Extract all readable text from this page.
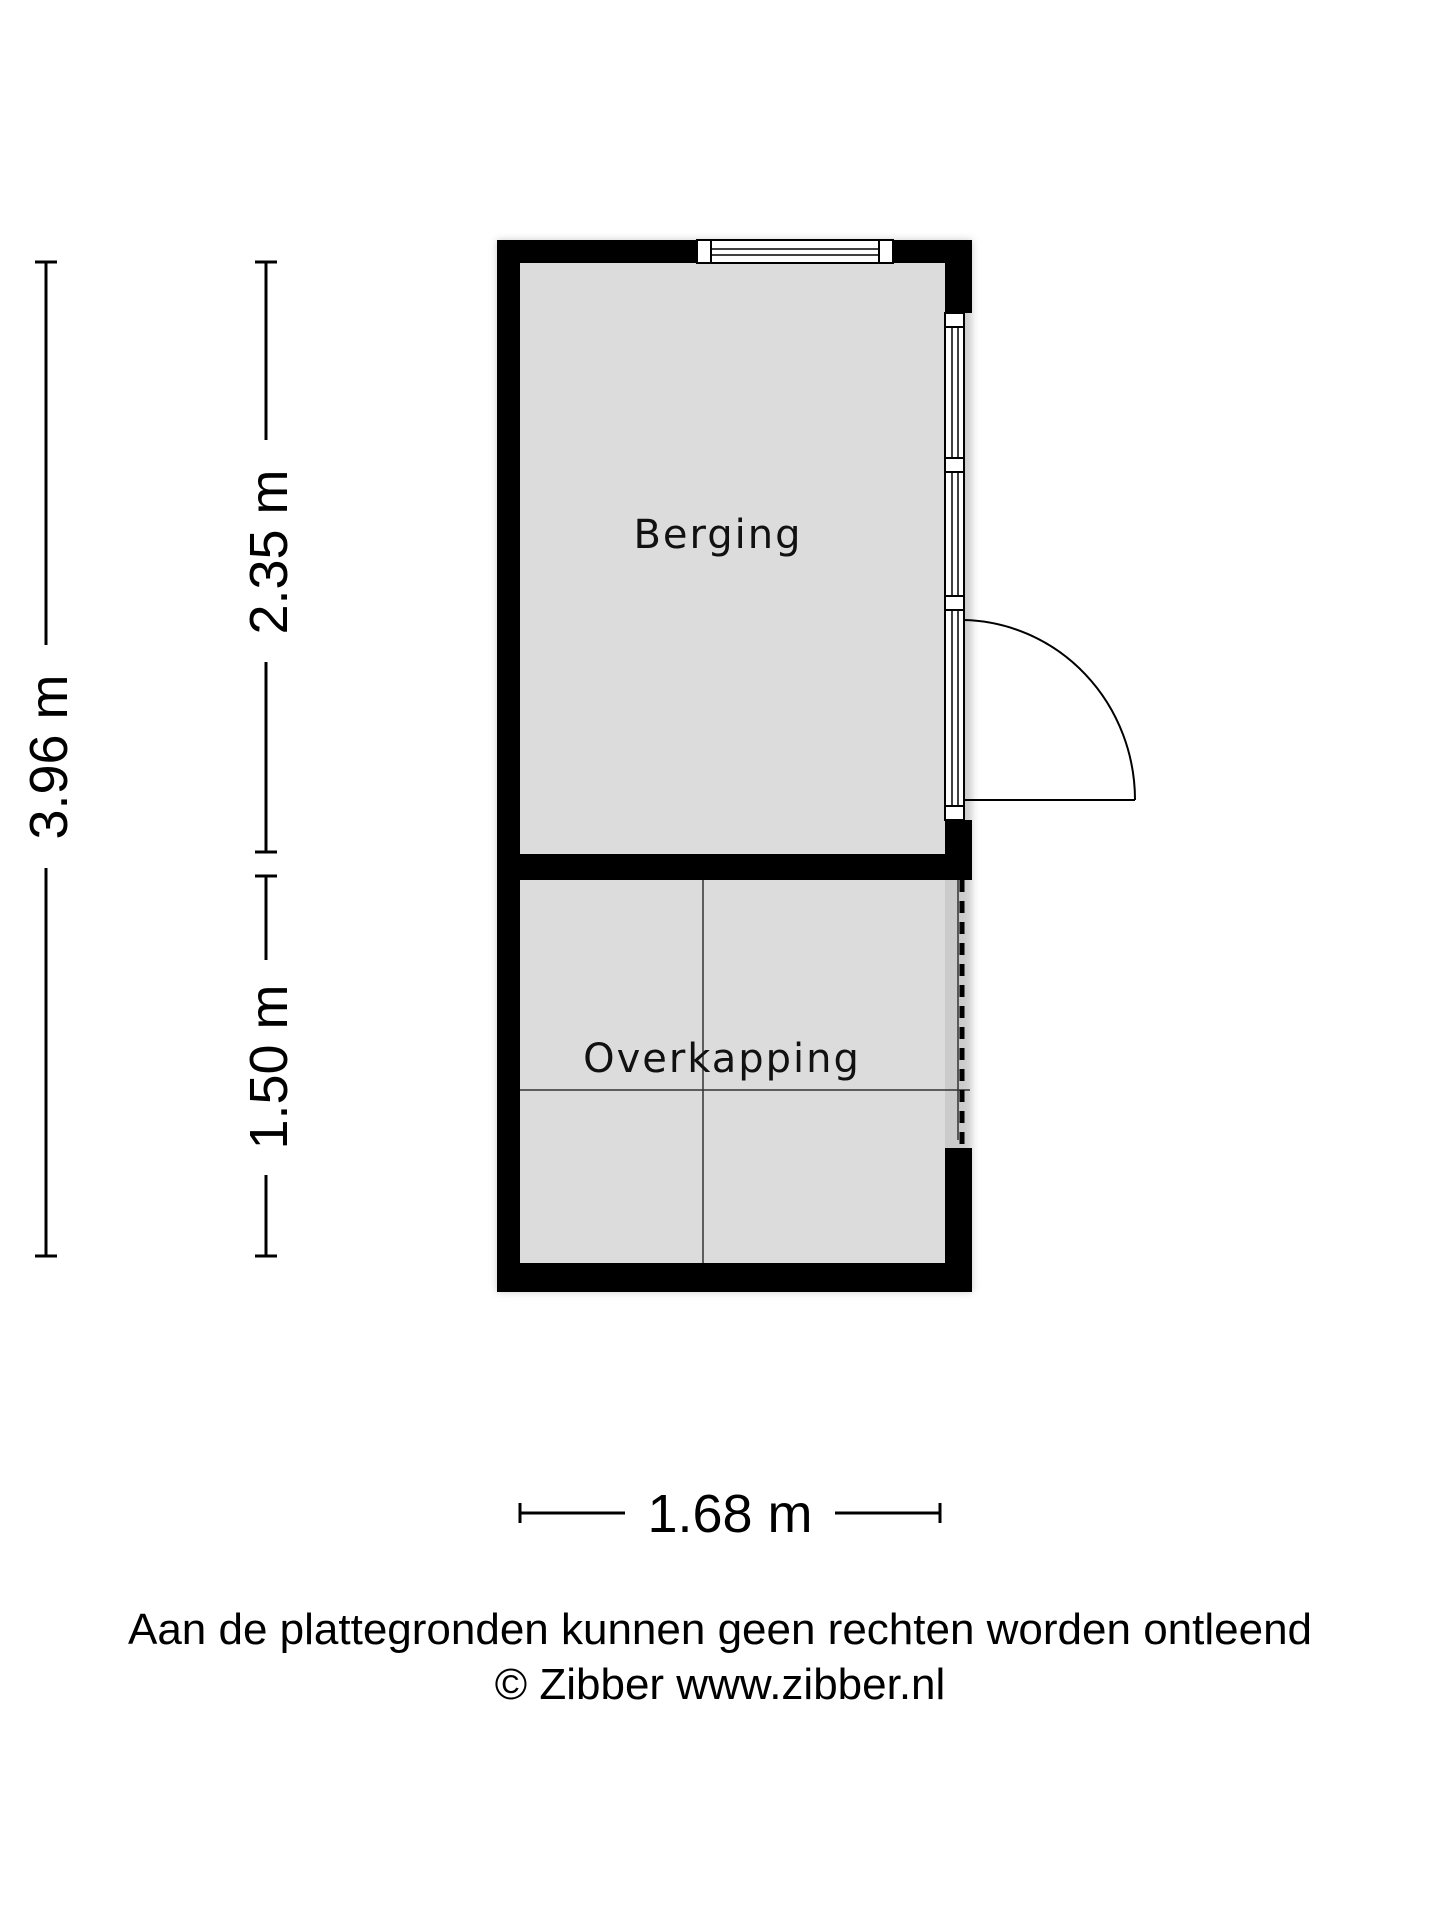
Berging
Overkapping
3.96 m
2.35 m
1.50 m
1.68 m
Aan de plattegronden kunnen geen rechten worden ontleend
© Zibber www.zibber.nl
